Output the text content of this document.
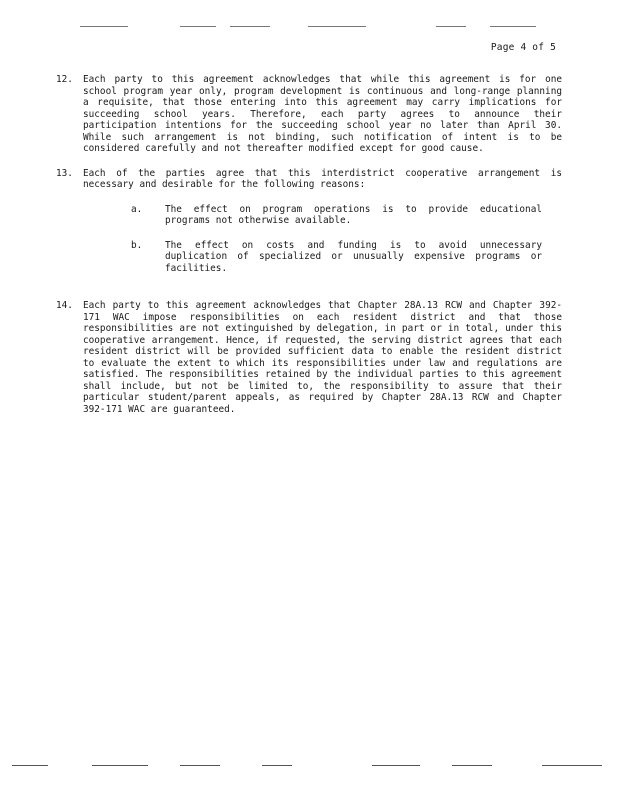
Page 4 of 5
12.	Each party to this agreement acknowledges that while this agreement is for one school program year only, program development is continuous and long-range planning a requisite, that those entering into this agreement may carry implications for succeeding school years. Therefore, each party agrees to announce their participation intentions for the succeeding school year no later than April 30. While such arrangement is not binding, such notification of intent is to be considered carefully and not thereafter modified except for good cause.

13.	Each of the parties agree that this interdistrict cooperative arrangement is necessary and desirable for the following reasons:

a.	The effect on program operations is to provide educational programs not otherwise available.
b.	The effect on costs and funding is to avoid unnecessary duplication of specialized or unusually expensive programs or facilities.
14.	Each party to this agreement acknowledges that Chapter 28A.13 RCW and Chapter 392-171 WAC impose responsibilities on each resident district and that those responsibilities are not extinguished by delegation, in part or in total, under this cooperative arrangement. Hence, if requested, the serving district agrees that each resident district will be provided sufficient data to enable the resident district to evaluate the extent to which its responsibilities under law and regulations are satisfied. The responsibilities retained by the individual parties to this agreement shall include, but not be limited to, the responsibility to assure that their particular student/parent appeals, as required by Chapter 28A.13 RCW and Chapter 392-171 WAC are guaranteed.
